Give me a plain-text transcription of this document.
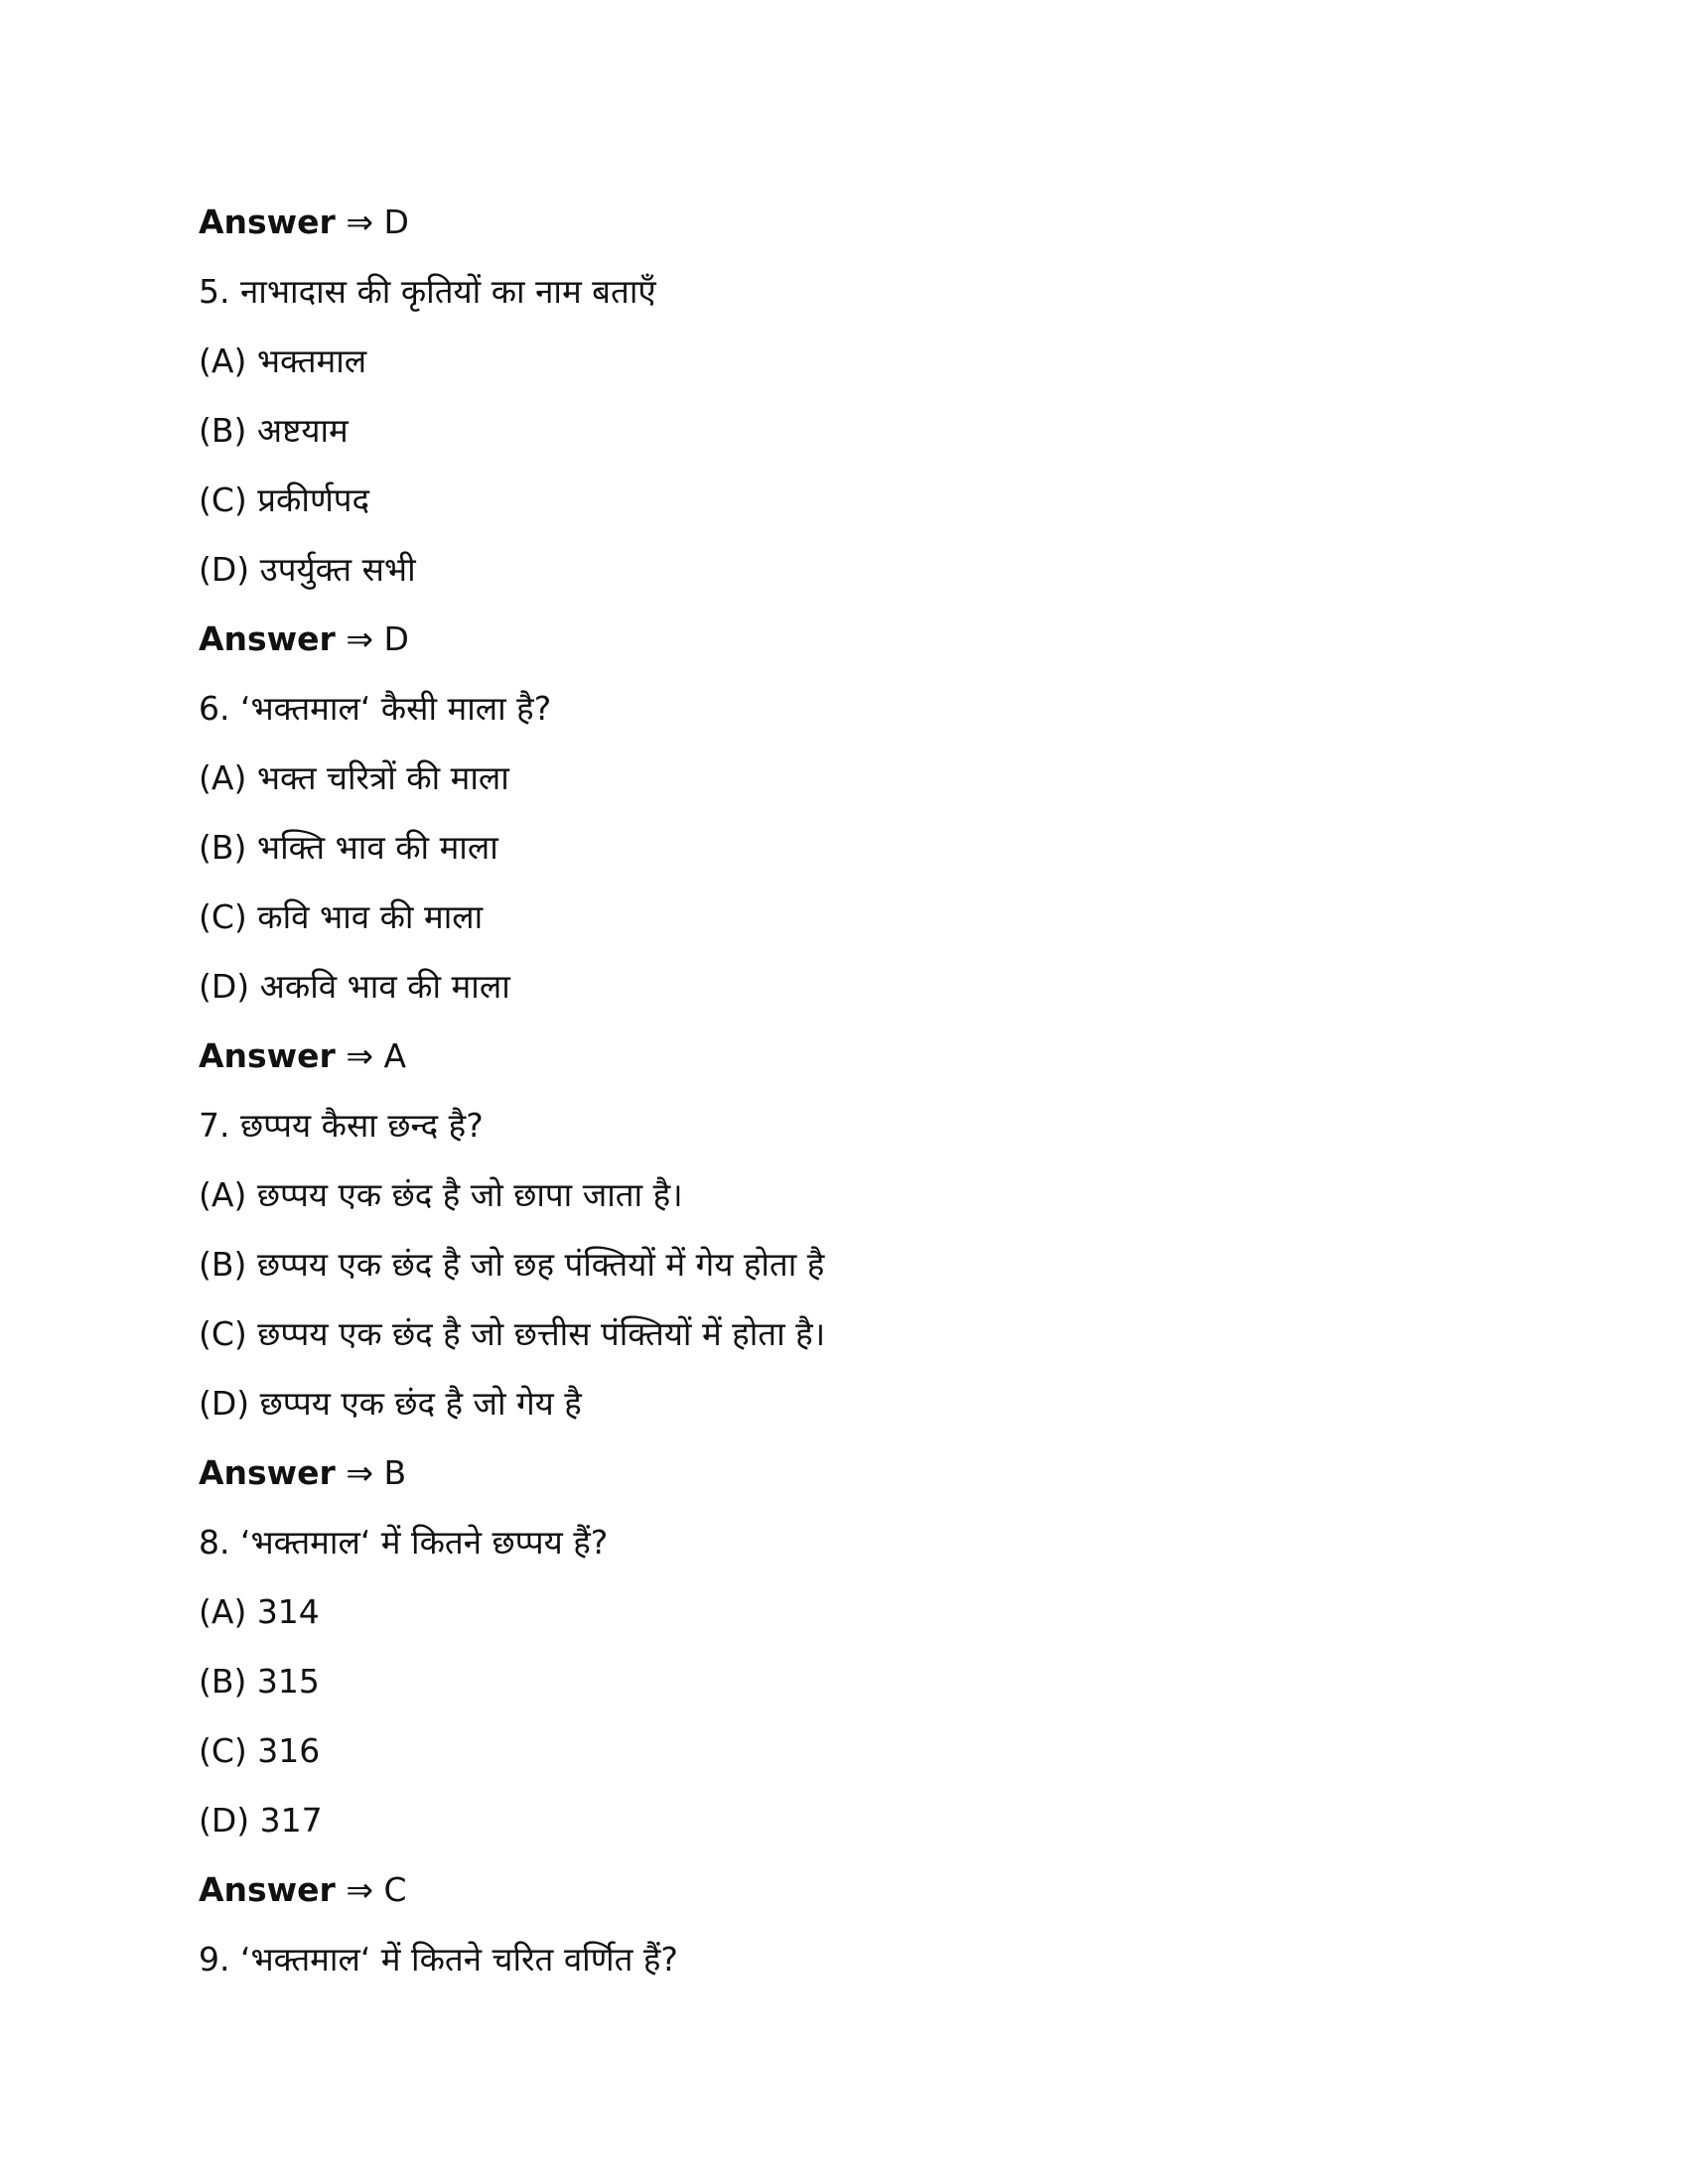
Answer ⇒ D
5. नाभादास की कृतियों का नाम बताएँ
(A) भक्तमाल
(B) अष्टयाम
(C) प्रकीर्णपद
(D) उपर्युक्त सभी
Answer ⇒ D
6. ‘भक्तमाल‘ कैसी माला है?
(A) भक्त चरित्रों की माला
(B) भक्ति भाव की माला
(C) कवि भाव की माला
(D) अकवि भाव की माला
Answer ⇒ A
7. छप्पय कैसा छन्द है?
(A) छप्पय एक छंद है जो छापा जाता है।
(B) छप्पय एक छंद है जो छह पंक्तियों में गेय होता है
(C) छप्पय एक छंद है जो छत्तीस पंक्तियों में होता है।
(D) छप्पय एक छंद है जो गेय है
Answer ⇒ B
8. ‘भक्तमाल‘ में कितने छप्पय हैं?
(A) 314
(B) 315
(C) 316
(D) 317
Answer ⇒ C
9. ‘भक्तमाल‘ में कितने चरित वर्णित हैं?
